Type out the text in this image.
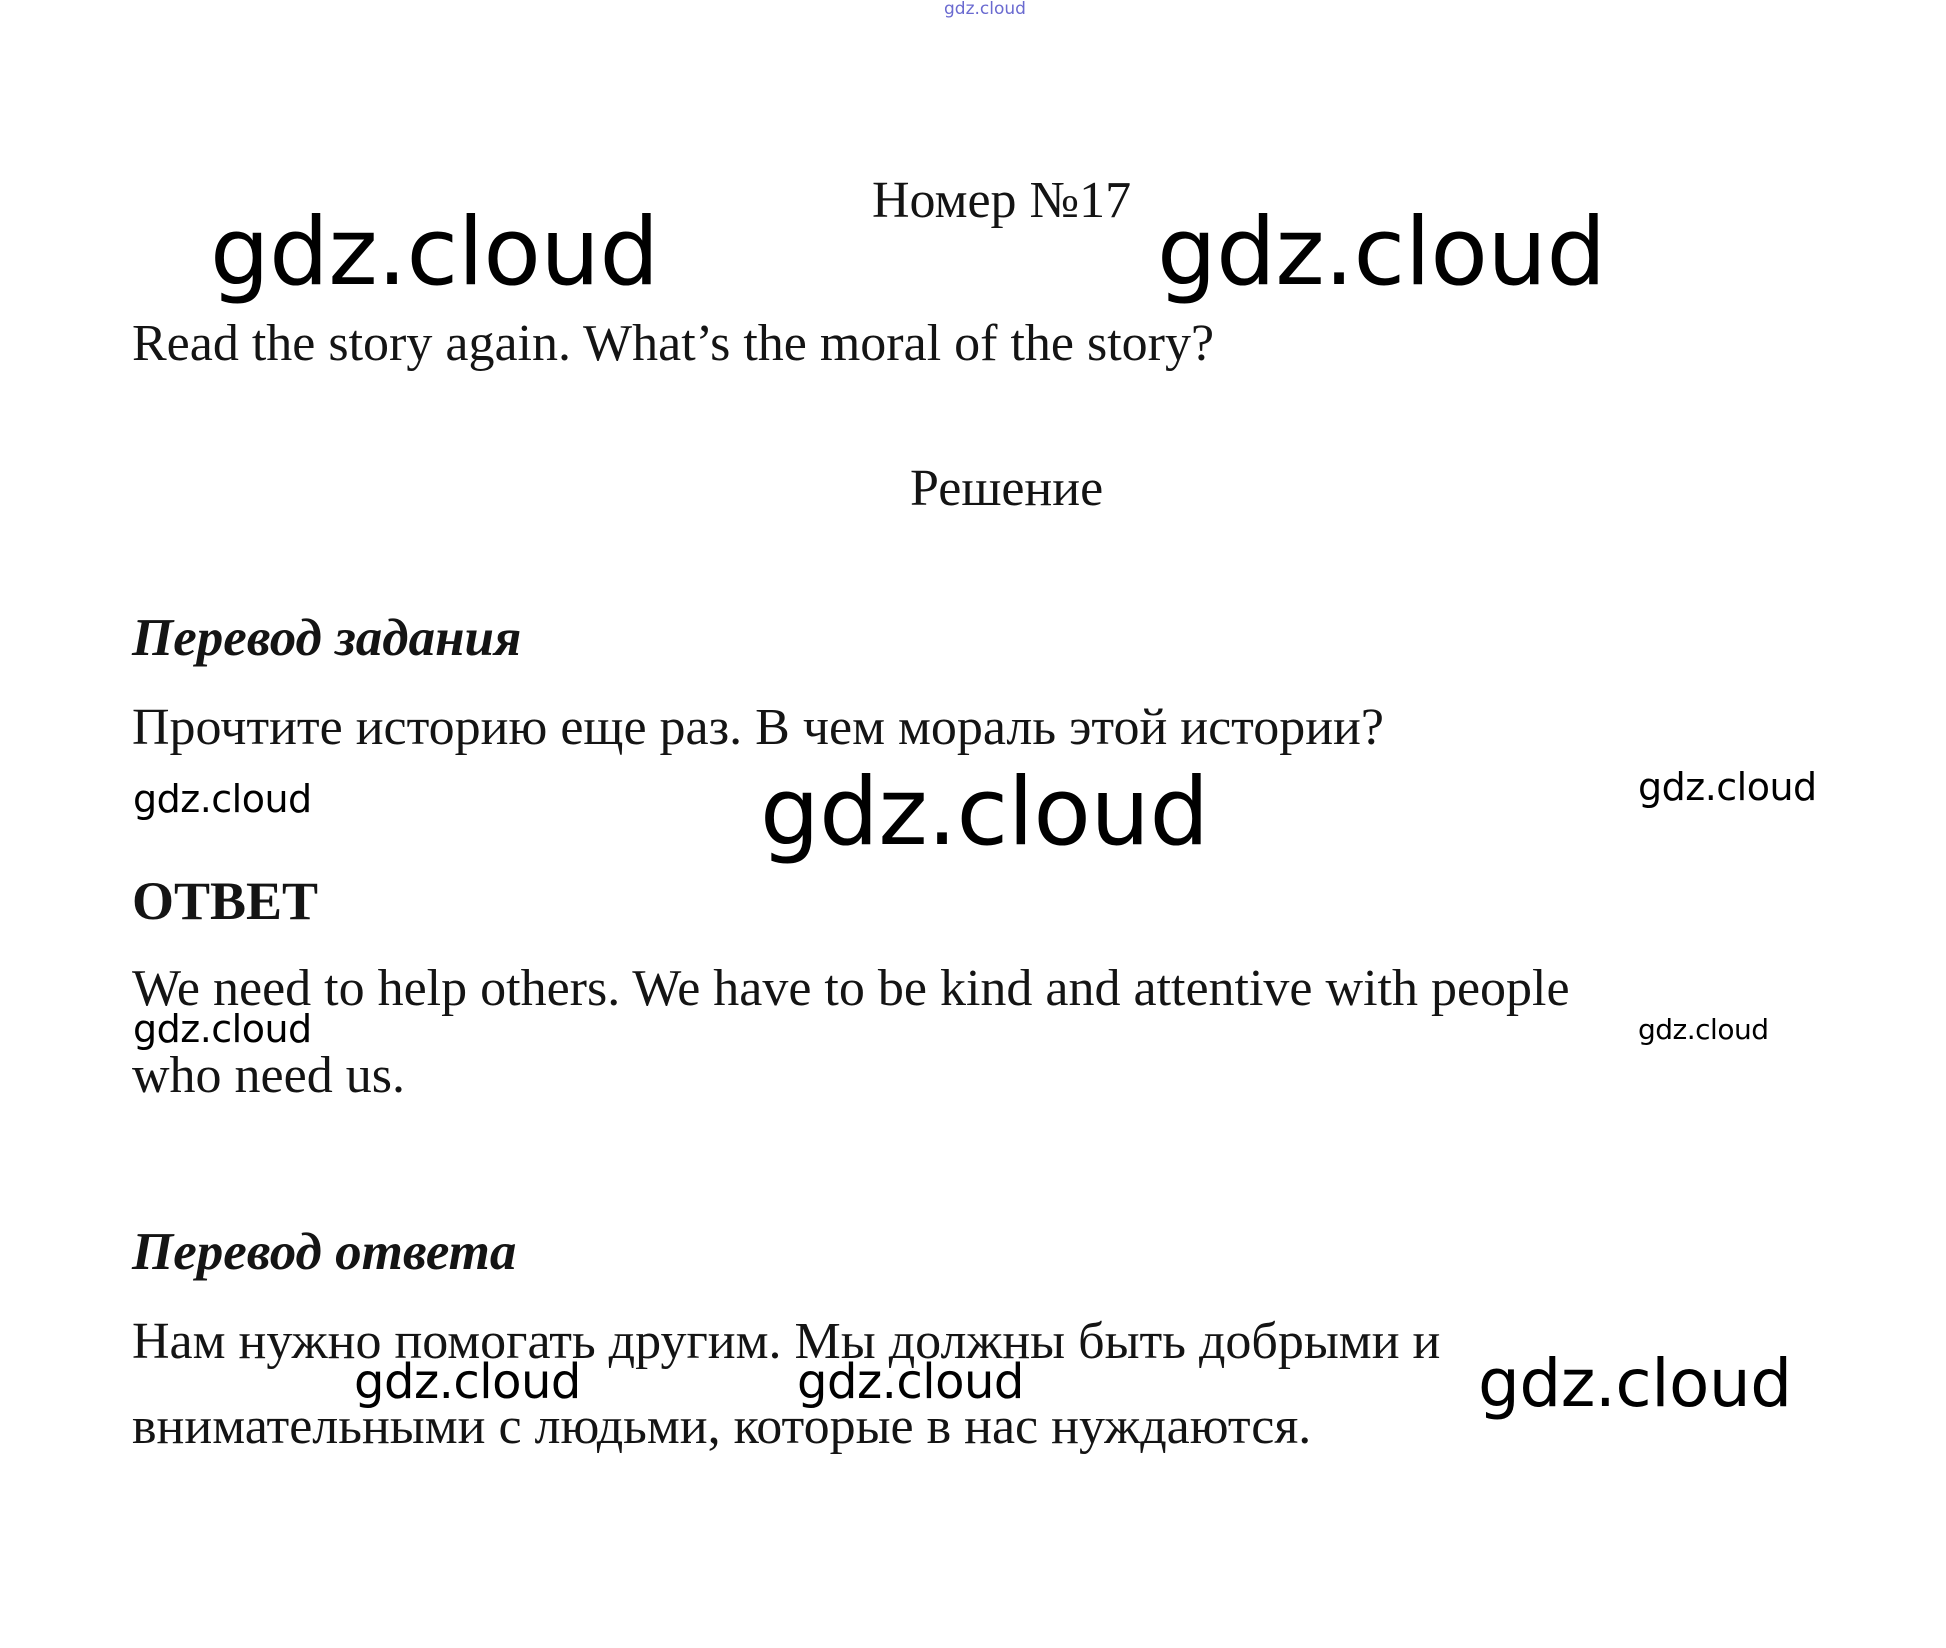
gdz.cloud
Номер №17
gdz.cloud	gdz.cloud
Read the story again. What’s the moral of the story?
Решение
Перевод задания
Прочтите историю еще раз. В чем мораль этой истории?
gdz.cloud	gdz.cloud	gdz.cloud
ОТВЕТ
We need to help others. We have to be kind and attentive with people
gdz.cloud	gdz.cloud
who need us.
Перевод ответа
Нам нужно помогать другим. Мы должны быть добрыми и
внимательными с людьми, которые в нас нуждаются.
gdz.cloud	gdz.cloud	gdz.cloud
